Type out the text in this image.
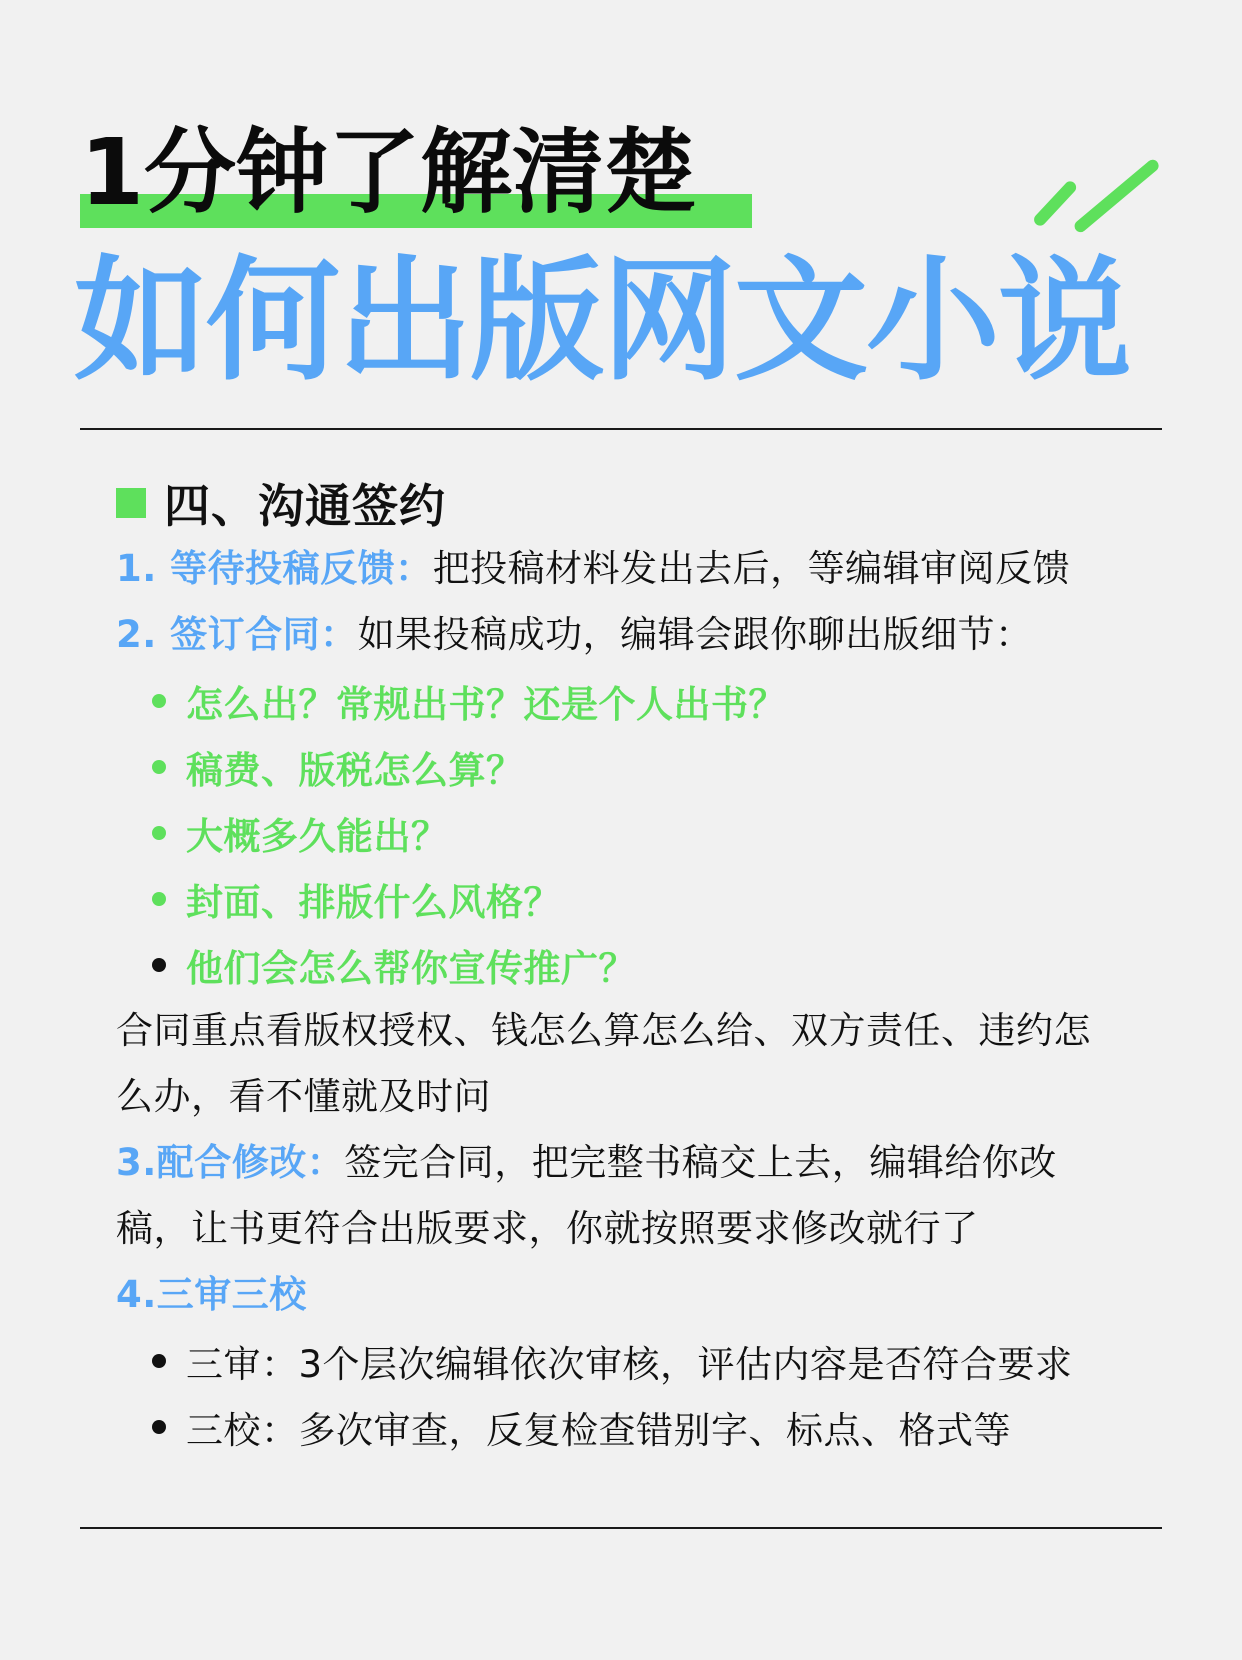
1分钟了解清楚
如何出版网文小说
四、沟通签约
1. 等待投稿反馈：把投稿材料发出去后，等编辑审阅反馈
2. 签订合同：如果投稿成功，编辑会跟你聊出版细节：
怎么出？常规出书？还是个人出书？
稿费、版税怎么算？
大概多久能出？
封面、排版什么风格？
他们会怎么帮你宣传推广？
合同重点看版权授权、钱怎么算怎么给、双方责任、违约怎
么办，看不懂就及时问
3.配合修改：签完合同，把完整书稿交上去，编辑给你改
稿，让书更符合出版要求，你就按照要求修改就行了
4.三审三校
三审：3个层次编辑依次审核，评估内容是否符合要求
三校：多次审查，反复检查错别字、标点、格式等
